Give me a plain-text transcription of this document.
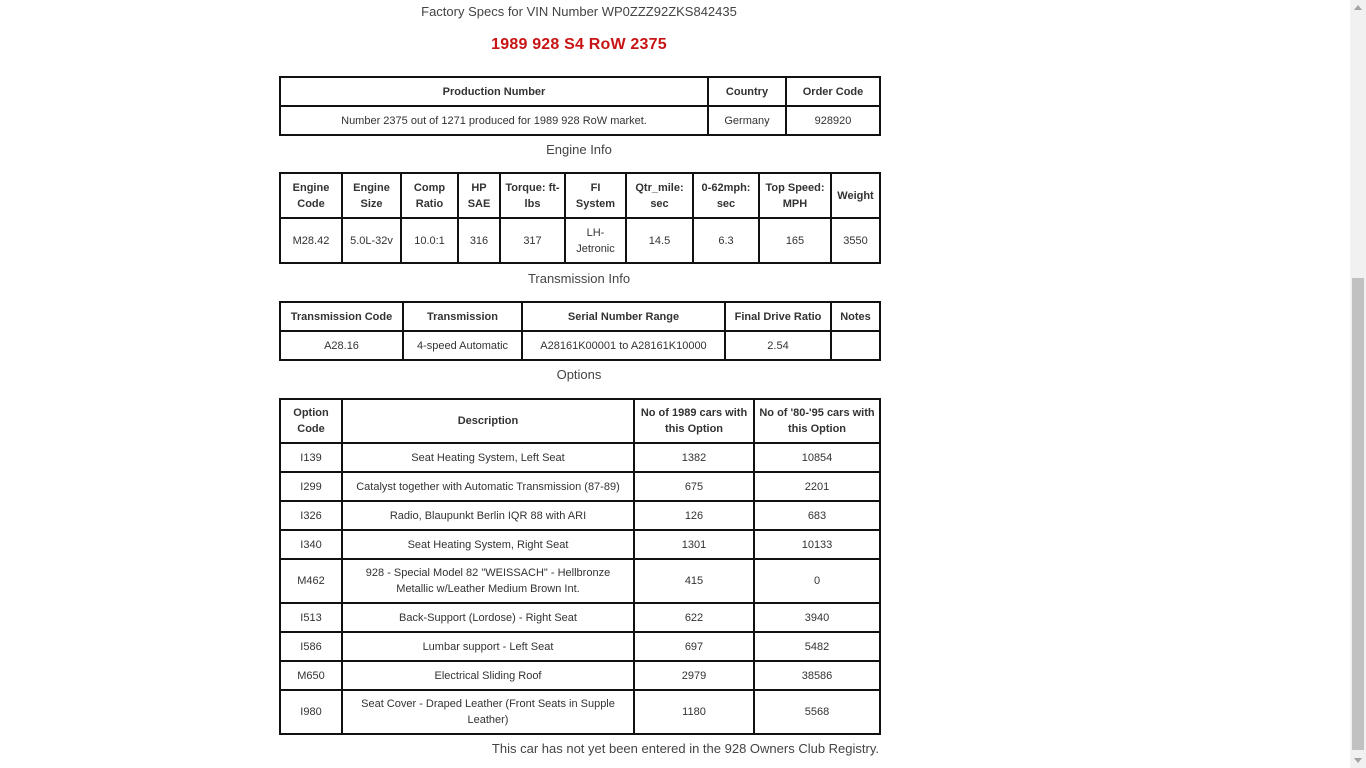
Factory Specs for VIN Number WP0ZZZ92ZKS842435
1989 928 S4 RoW 2375
Production Number	Country	Order Code
Number 2375 out of 1271 produced for 1989 928 RoW market.	Germany	928920
Engine Info
Engine Code	Engine Size	Comp Ratio	HP SAE	Torque: ft-lbs	FI System	Qtr_mile: sec	0-62mph: sec	Top Speed: MPH	Weight
M28.42	5.0L-32v	10.0:1	316	317	LH-Jetronic	14.5	6.3	165	3550
Transmission Info
Transmission Code	Transmission	Serial Number Range	Final Drive Ratio	Notes
A28.16	4-speed Automatic	A28161K00001 to A28161K10000	2.54	
Options
Option Code	Description	No of 1989 cars with this Option	No of '80-'95 cars with this Option
I139	Seat Heating System, Left Seat	1382	10854
I299	Catalyst together with Automatic Transmission (87-89)	675	2201
I326	Radio, Blaupunkt Berlin IQR 88 with ARI	126	683
I340	Seat Heating System, Right Seat	1301	10133
M462	928 - Special Model 82 "WEISSACH" - Hellbronze Metallic w/Leather Medium Brown Int.	415	0
I513	Back-Support (Lordose) - Right Seat	622	3940
I586	Lumbar support - Left Seat	697	5482
M650	Electrical Sliding Roof	2979	38586
I980	Seat Cover - Draped Leather (Front Seats in Supple Leather)	1180	5568
This car has not yet been entered in the 928 Owners Club Registry.
